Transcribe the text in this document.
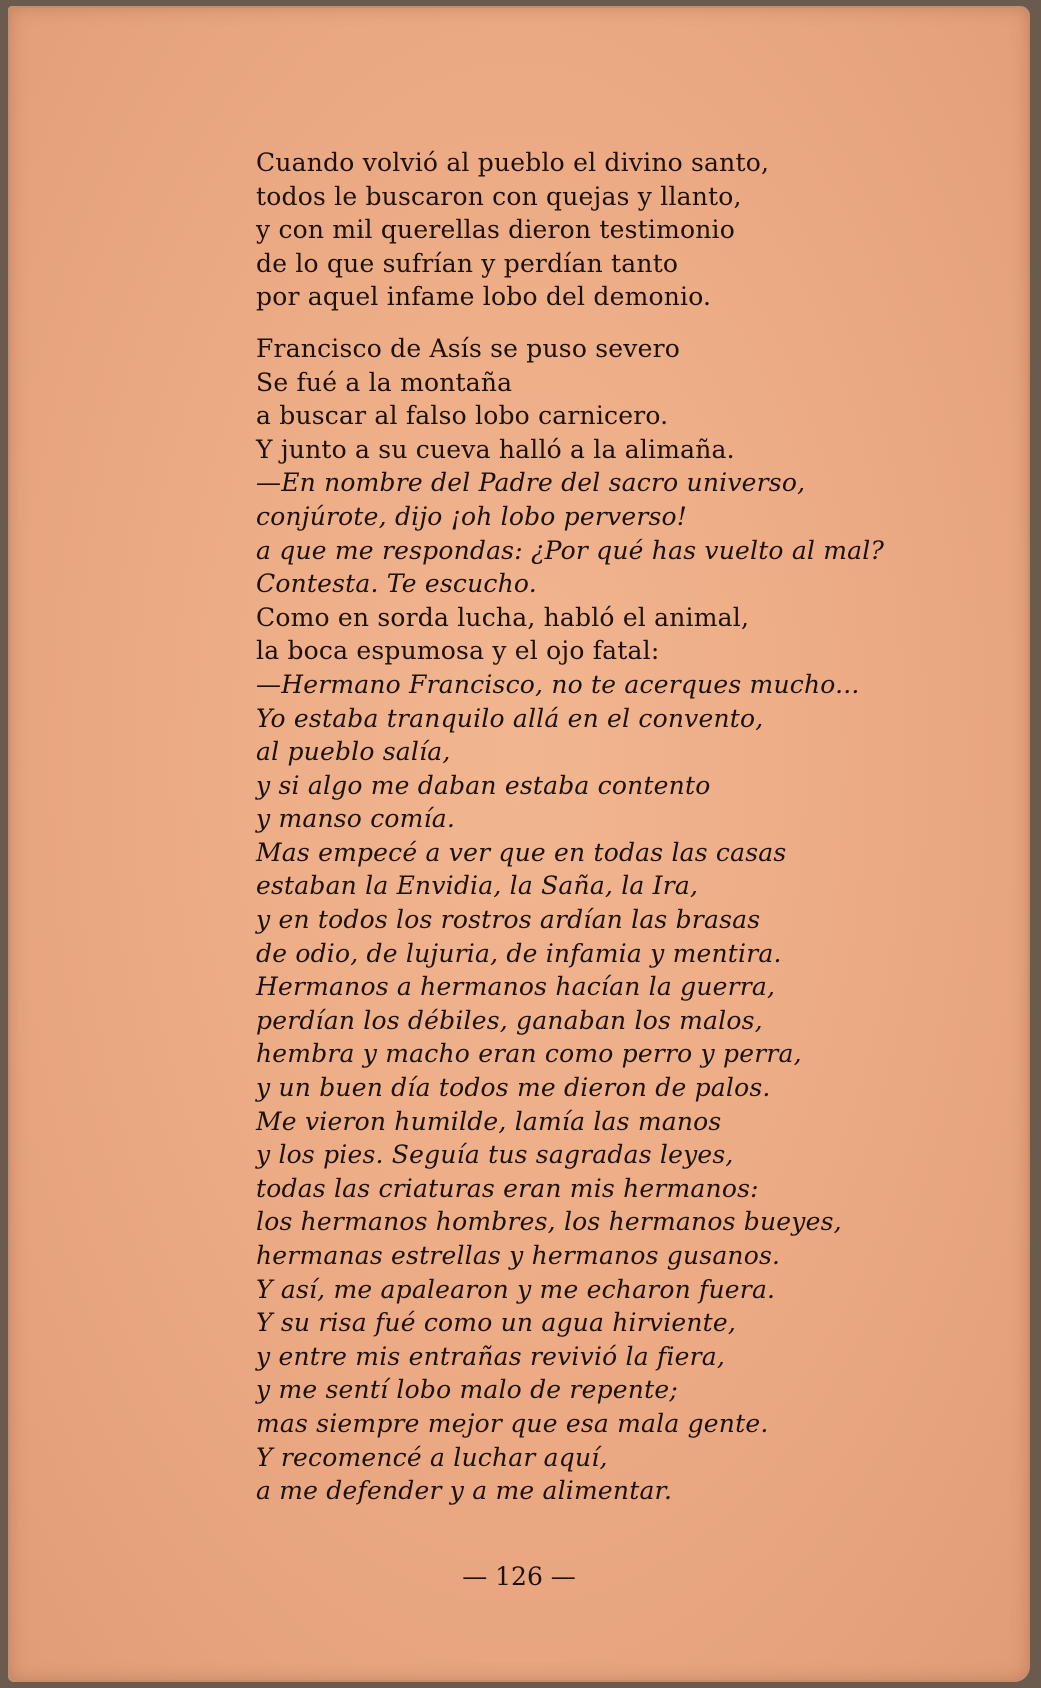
Cuando volvió al pueblo el divino santo,
todos le buscaron con quejas y llanto,
y con mil querellas dieron testimonio
de lo que sufrían y perdían tanto
por aquel infame lobo del demonio.
Francisco de Asís se puso severo
Se fué a la montaña
a buscar al falso lobo carnicero.
Y junto a su cueva halló a la alimaña.
—En nombre del Padre del sacro universo,
conjúrote, dijo ¡oh lobo perverso!
a que me respondas: ¿Por qué has vuelto al mal?
Contesta. Te escucho.
Como en sorda lucha, habló el animal,
la boca espumosa y el ojo fatal:
—Hermano Francisco, no te acerques mucho...
Yo estaba tranquilo allá en el convento,
al pueblo salía,
y si algo me daban estaba contento
y manso comía.
Mas empecé a ver que en todas las casas
estaban la Envidia, la Saña, la Ira,
y en todos los rostros ardían las brasas
de odio, de lujuria, de infamia y mentira.
Hermanos a hermanos hacían la guerra,
perdían los débiles, ganaban los malos,
hembra y macho eran como perro y perra,
y un buen día todos me dieron de palos.
Me vieron humilde, lamía las manos
y los pies. Seguía tus sagradas leyes,
todas las criaturas eran mis hermanos:
los hermanos hombres, los hermanos bueyes,
hermanas estrellas y hermanos gusanos.
Y así, me apalearon y me echaron fuera.
Y su risa fué como un agua hirviente,
y entre mis entrañas revivió la fiera,
y me sentí lobo malo de repente;
mas siempre mejor que esa mala gente.
Y recomencé a luchar aquí,
a me defender y a me alimentar.
— 126 —
